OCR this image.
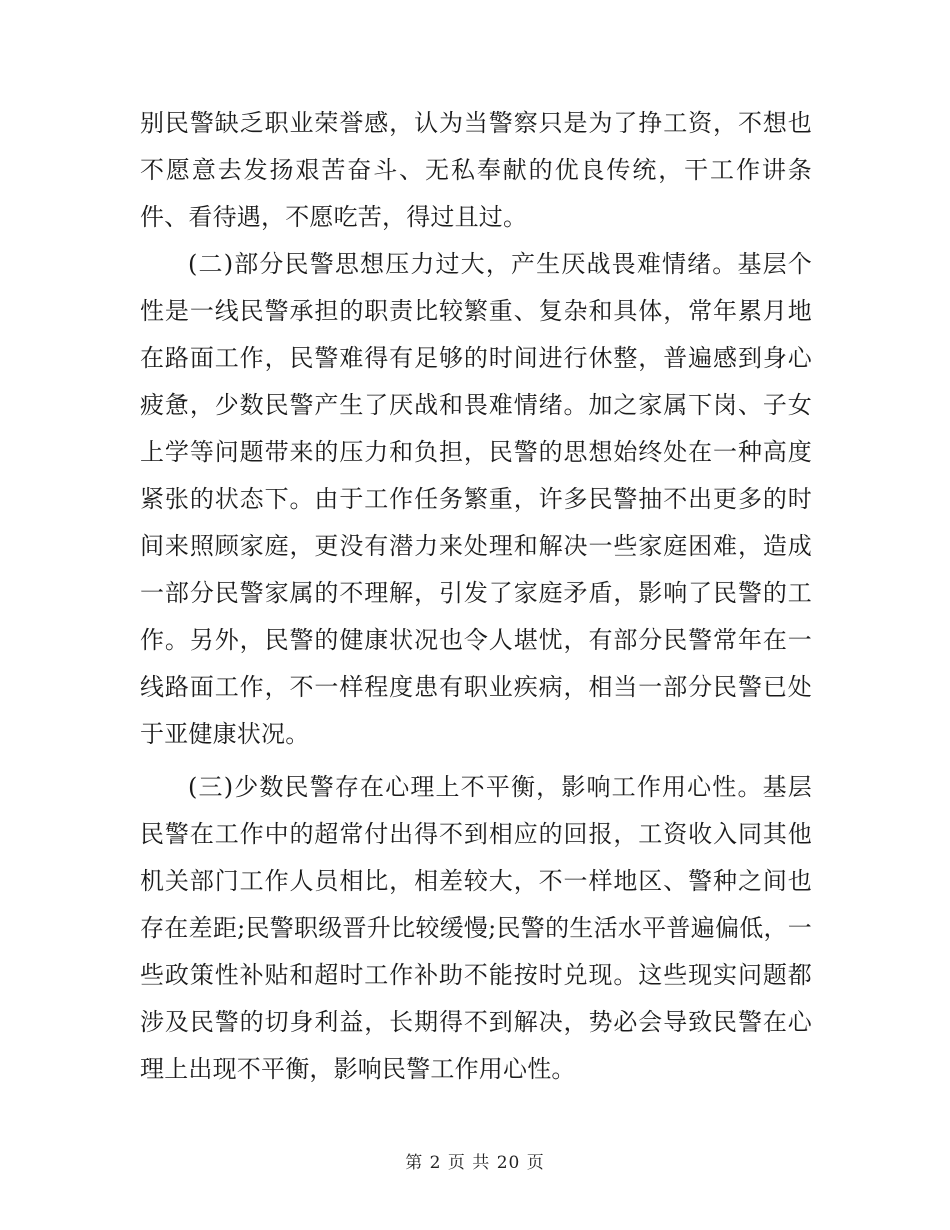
别民警缺乏职业荣誉感，认为当警察只是为了挣工资，不想也不愿意去发扬艰苦奋斗、无私奉献的优良传统，干工作讲条件、看待遇，不愿吃苦，得过且过。

(二)部分民警思想压力过大，产生厌战畏难情绪。基层个性是一线民警承担的职责比较繁重、复杂和具体，常年累月地在路面工作，民警难得有足够的时间进行休整，普遍感到身心疲惫，少数民警产生了厌战和畏难情绪。加之家属下岗、子女上学等问题带来的压力和负担，民警的思想始终处在一种高度紧张的状态下。由于工作任务繁重，许多民警抽不出更多的时间来照顾家庭，更没有潜力来处理和解决一些家庭困难，造成一部分民警家属的不理解，引发了家庭矛盾，影响了民警的工作。另外，民警的健康状况也令人堪忧，有部分民警常年在一线路面工作，不一样程度患有职业疾病，相当一部分民警已处于亚健康状况。

(三)少数民警存在心理上不平衡，影响工作用心性。基层民警在工作中的超常付出得不到相应的回报，工资收入同其他机关部门工作人员相比，相差较大，不一样地区、警种之间也存在差距;民警职级晋升比较缓慢;民警的生活水平普遍偏低，一些政策性补贴和超时工作补助不能按时兑现。这些现实问题都涉及民警的切身利益，长期得不到解决，势必会导致民警在心理上出现不平衡，影响民警工作用心性。

第 2 页 共 20 页
